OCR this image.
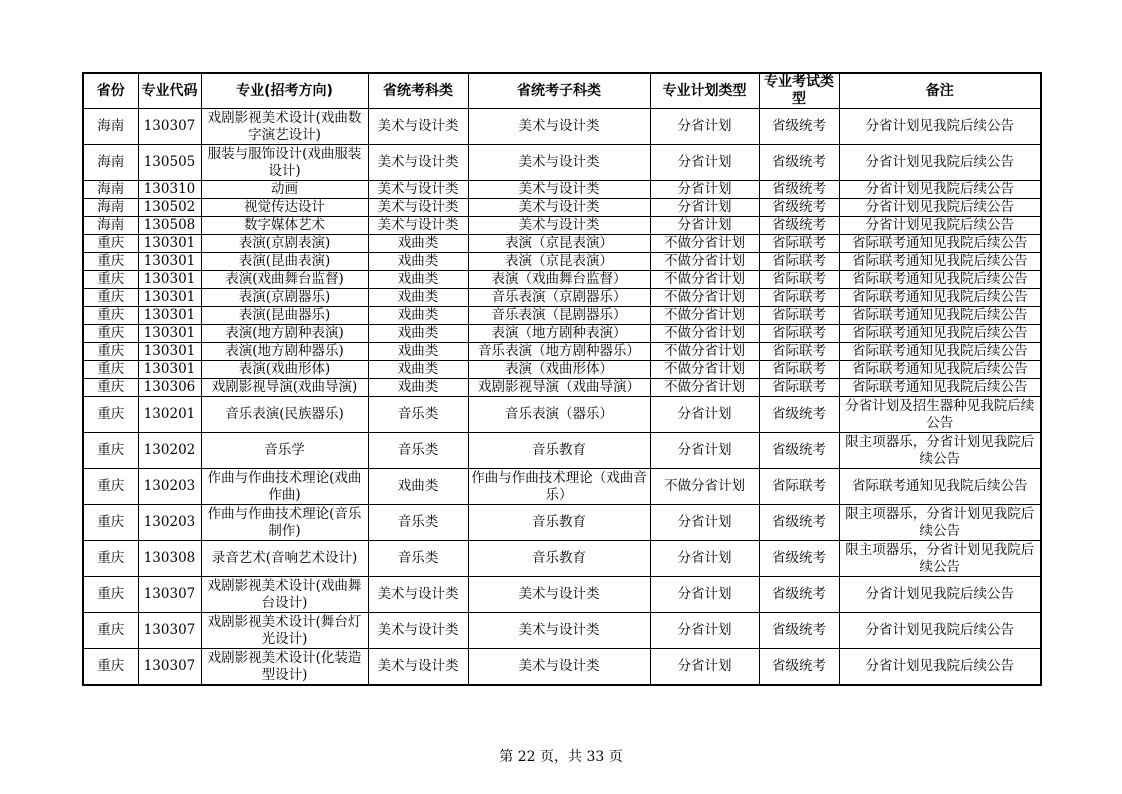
省份	专业代码	专业(招考方向)	省统考科类	省统考子科类	专业计划类型	专业考试类型	备注
海南	130307	戏剧影视美术设计(戏曲数字演艺设计)	美术与设计类	美术与设计类	分省计划	省级统考	分省计划见我院后续公告
海南	130505	服装与服饰设计(戏曲服装设计)	美术与设计类	美术与设计类	分省计划	省级统考	分省计划见我院后续公告
海南	130310	动画	美术与设计类	美术与设计类	分省计划	省级统考	分省计划见我院后续公告
海南	130502	视觉传达设计	美术与设计类	美术与设计类	分省计划	省级统考	分省计划见我院后续公告
海南	130508	数字媒体艺术	美术与设计类	美术与设计类	分省计划	省级统考	分省计划见我院后续公告
重庆	130301	表演(京剧表演)	戏曲类	表演（京昆表演）	不做分省计划	省际联考	省际联考通知见我院后续公告
重庆	130301	表演(昆曲表演)	戏曲类	表演（京昆表演）	不做分省计划	省际联考	省际联考通知见我院后续公告
重庆	130301	表演(戏曲舞台监督)	戏曲类	表演（戏曲舞台监督）	不做分省计划	省际联考	省际联考通知见我院后续公告
重庆	130301	表演(京剧器乐)	戏曲类	音乐表演（京剧器乐）	不做分省计划	省际联考	省际联考通知见我院后续公告
重庆	130301	表演(昆曲器乐)	戏曲类	音乐表演（昆剧器乐）	不做分省计划	省际联考	省际联考通知见我院后续公告
重庆	130301	表演(地方剧种表演)	戏曲类	表演（地方剧种表演）	不做分省计划	省际联考	省际联考通知见我院后续公告
重庆	130301	表演(地方剧种器乐)	戏曲类	音乐表演（地方剧种器乐）	不做分省计划	省际联考	省际联考通知见我院后续公告
重庆	130301	表演(戏曲形体)	戏曲类	表演（戏曲形体）	不做分省计划	省际联考	省际联考通知见我院后续公告
重庆	130306	戏剧影视导演(戏曲导演)	戏曲类	戏剧影视导演（戏曲导演）	不做分省计划	省际联考	省际联考通知见我院后续公告
重庆	130201	音乐表演(民族器乐)	音乐类	音乐表演（器乐）	分省计划	省级统考	分省计划及招生器种见我院后续公告
重庆	130202	音乐学	音乐类	音乐教育	分省计划	省级统考	限主项器乐，分省计划见我院后续公告
重庆	130203	作曲与作曲技术理论(戏曲作曲)	戏曲类	作曲与作曲技术理论（戏曲音乐）	不做分省计划	省际联考	省际联考通知见我院后续公告
重庆	130203	作曲与作曲技术理论(音乐制作)	音乐类	音乐教育	分省计划	省级统考	限主项器乐，分省计划见我院后续公告
重庆	130308	录音艺术(音响艺术设计)	音乐类	音乐教育	分省计划	省级统考	限主项器乐，分省计划见我院后续公告
重庆	130307	戏剧影视美术设计(戏曲舞台设计)	美术与设计类	美术与设计类	分省计划	省级统考	分省计划见我院后续公告
重庆	130307	戏剧影视美术设计(舞台灯光设计)	美术与设计类	美术与设计类	分省计划	省级统考	分省计划见我院后续公告
重庆	130307	戏剧影视美术设计(化装造型设计)	美术与设计类	美术与设计类	分省计划	省级统考	分省计划见我院后续公告
第 22 页，共 33 页
